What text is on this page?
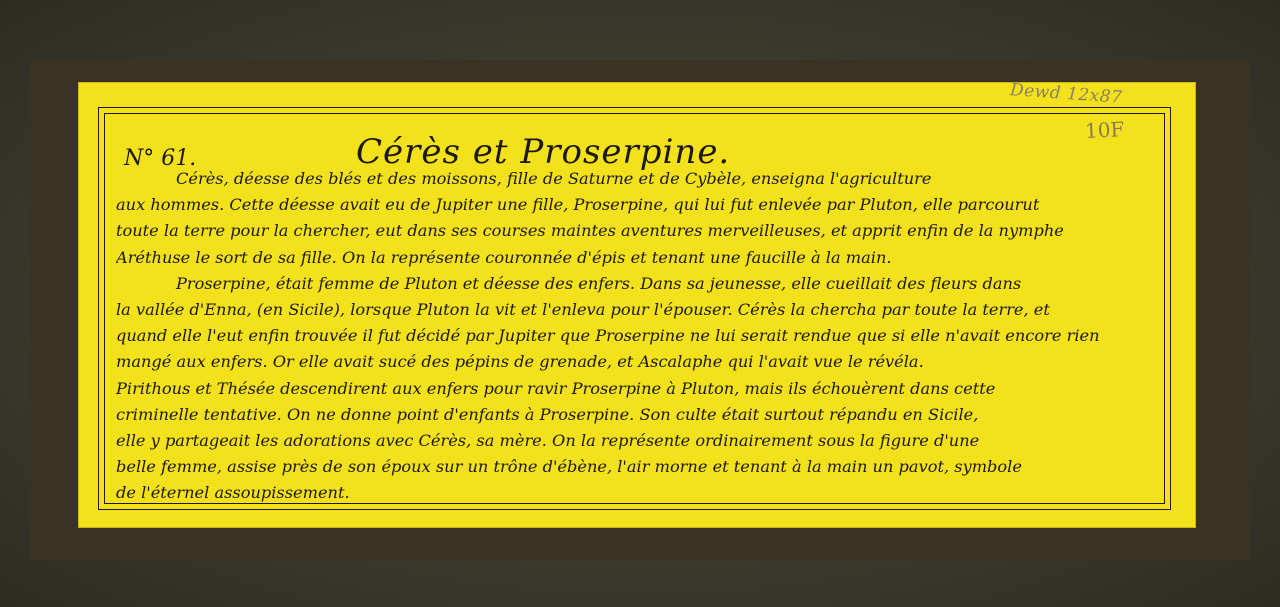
Dewd 12x87
10F
N° 61.	Cérès et Proserpine.
Cérès, déesse des blés et des moissons, fille de Saturne et de Cybèle, enseigna l'agriculture
aux hommes. Cette déesse avait eu de Jupiter une fille, Proserpine, qui lui fut enlevée par Pluton, elle parcourut
toute la terre pour la chercher, eut dans ses courses maintes aventures merveilleuses, et apprit enfin de la nymphe
Aréthuse le sort de sa fille. On la représente couronnée d'épis et tenant une faucille à la main.
Proserpine, était femme de Pluton et déesse des enfers. Dans sa jeunesse, elle cueillait des fleurs dans
la vallée d'Enna, (en Sicile), lorsque Pluton la vit et l'enleva pour l'épouser. Cérès la chercha par toute la terre, et
quand elle l'eut enfin trouvée il fut décidé par Jupiter que Proserpine ne lui serait rendue que si elle n'avait encore rien
mangé aux enfers. Or elle avait sucé des pépins de grenade, et Ascalaphe qui l'avait vue le révéla.
Pirithous et Thésée descendirent aux enfers pour ravir Proserpine à Pluton, mais ils échouèrent dans cette
criminelle tentative. On ne donne point d'enfants à Proserpine. Son culte était surtout répandu en Sicile,
elle y partageait les adorations avec Cérès, sa mère. On la représente ordinairement sous la figure d'une
belle femme, assise près de son époux sur un trône d'ébène, l'air morne et tenant à la main un pavot, symbole
de l'éternel assoupissement.
